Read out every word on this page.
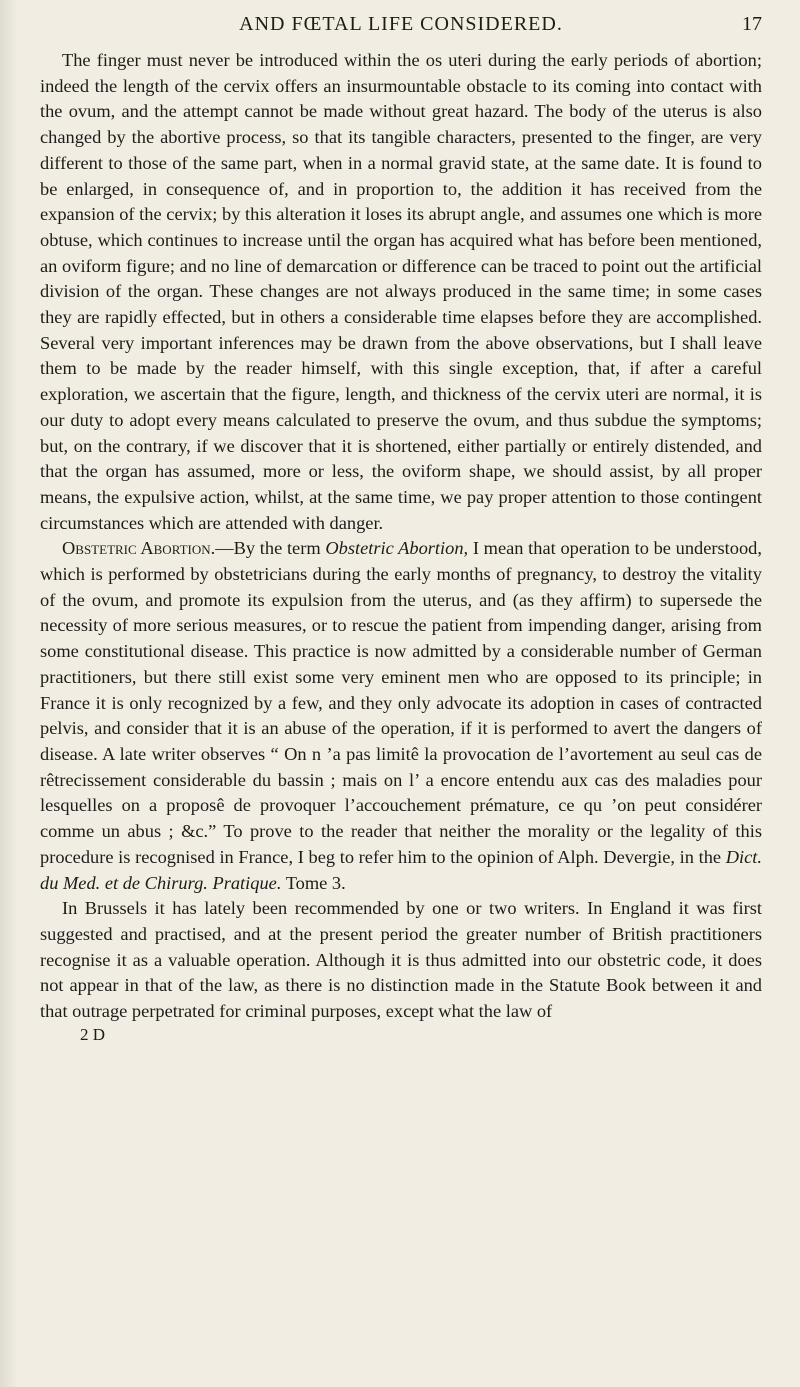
AND FŒTAL LIFE CONSIDERED.	17

The finger must never be introduced within the os uteri during the early periods of abortion; indeed the length of the cervix offers an insurmountable obstacle to its coming into contact with the ovum, and the attempt cannot be made without great hazard. The body of the uterus is also changed by the abortive process, so that its tangible characters, presented to the finger, are very different to those of the same part, when in a normal gravid state, at the same date. It is found to be enlarged, in consequence of, and in proportion to, the addition it has received from the expansion of the cervix; by this alteration it loses its abrupt angle, and assumes one which is more obtuse, which continues to increase until the organ has acquired what has before been mentioned, an oviform figure; and no line of demarcation or difference can be traced to point out the artificial division of the organ. These changes are not always produced in the same time; in some cases they are rapidly effected, but in others a considerable time elapses before they are accomplished. Several very important inferences may be drawn from the above observations, but I shall leave them to be made by the reader himself, with this single exception, that, if after a careful exploration, we ascertain that the figure, length, and thickness of the cervix uteri are normal, it is our duty to adopt every means calculated to preserve the ovum, and thus subdue the symptoms; but, on the contrary, if we discover that it is shortened, either partially or entirely distended, and that the organ has assumed, more or less, the oviform shape, we should assist, by all proper means, the expulsive action, whilst, at the same time, we pay proper attention to those contingent circumstances which are attended with danger.

Obstetric Abortion.—By the term Obstetric Abortion, I mean that operation to be understood, which is performed by obstetricians during the early months of pregnancy, to destroy the vitality of the ovum, and promote its expulsion from the uterus, and (as they affirm) to supersede the necessity of more serious measures, or to rescue the patient from impending danger, arising from some constitutional disease. This practice is now admitted by a considerable number of German practitioners, but there still exist some very eminent men who are opposed to its principle; in France it is only recognized by a few, and they only advocate its adoption in cases of contracted pelvis, and consider that it is an abuse of the operation, if it is performed to avert the dangers of disease. A late writer observes “ On n ’a pas limitê la provocation de l’avortement au seul cas de rêtrecissement considerable du bassin ; mais on l’ a encore entendu aux cas des maladies pour lesquelles on a proposê de provoquer l’accouchement prémature, ce qu ’on peut considérer comme un abus ; &c.” To prove to the reader that neither the morality or the legality of this procedure is recognised in France, I beg to refer him to the opinion of Alph. Devergie, in the Dict. du Med. et de Chirurg. Pratique. Tome 3.

In Brussels it has lately been recommended by one or two writers. In England it was first suggested and practised, and at the present period the greater number of British practitioners recognise it as a valuable operation. Although it is thus admitted into our obstetric code, it does not appear in that of the law, as there is no distinction made in the Statute Book between it and that outrage perpetrated for criminal purposes, except what the law of

2 D
